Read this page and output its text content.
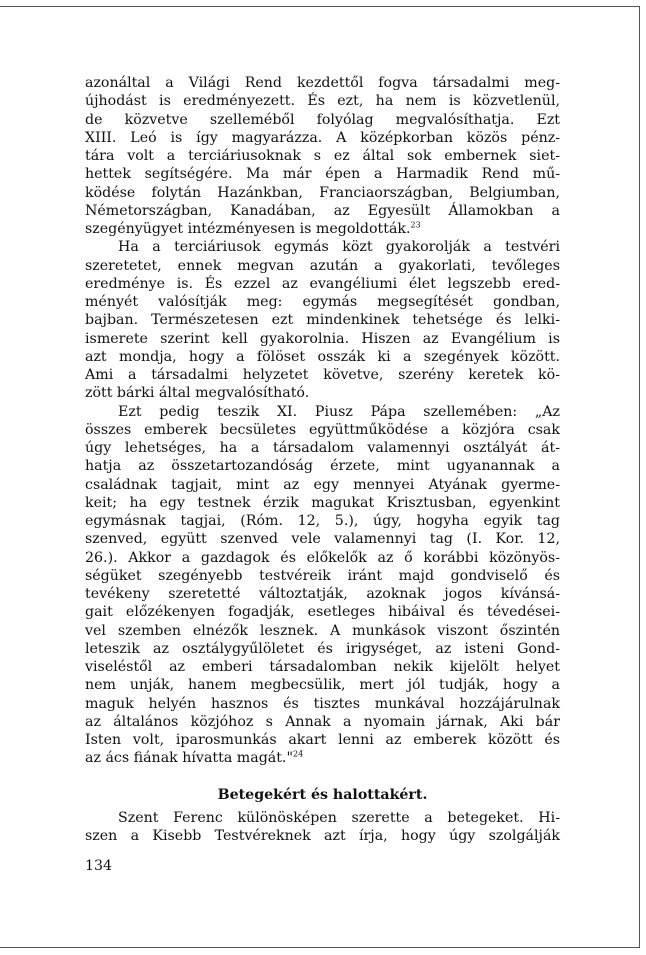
azonáltal a Világi Rend kezdettől fogva társadalmi meg-
újhodást is eredményezett. És ezt, ha nem is közvetlenül,
de közvetve szelleméből folyólag megvalósíthatja. Ezt
XIII. Leó is így magyarázza. A középkorban közös pénz-
tára volt a terciáriusoknak s ez által sok embernek siet-
hettek segítségére. Ma már épen a Harmadik Rend mű-
ködése folytán Hazánkban, Franciaországban, Belgiumban,
Németországban, Kanadában, az Egyesült Államokban a
szegényügyet intézményesen is megoldották.$^{23}$
Ha a terciáriusok egymás közt gyakorolják a testvéri
szeretetet, ennek megvan azután a gyakorlati, tevőleges
eredménye is. És ezzel az evangéliumi élet legszebb ered-
ményét valósítják meg: egymás megsegítését gondban,
bajban. Természetesen ezt mindenkinek tehetsége és lelki-
ismerete szerint kell gyakorolnia. Hiszen az Evangélium is
azt mondja, hogy a fölöset osszák ki a szegények között.
Ami a társadalmi helyzetet követve, szerény keretek kö-
zött bárki által megvalósítható.
Ezt pedig teszik XI. Piusz Pápa szellemében: „Az
összes emberek becsületes együttműködése a közjóra csak
úgy lehetséges, ha a társadalom valamennyi osztályát át-
hatja az összetartozandóság érzete, mint ugyanannak a
családnak tagjait, mint az egy mennyei Atyának gyerme-
keit; ha egy testnek érzik magukat Krisztusban, egyenkint
egymásnak tagjai, (Róm. 12, 5.), úgy, hogyha egyik tag
szenved, együtt szenved vele valamennyi tag (I. Kor. 12,
26.). Akkor a gazdagok és előkelők az ő korábbi közönyös-
ségüket szegényebb testvéreik iránt majd gondviselő és
tevékeny szeretetté változtatják, azoknak jogos kívánsá-
gait előzékenyen fogadják, esetleges hibáival és tévedései-
vel szemben elnézők lesznek. A munkások viszont őszintén
leteszik az osztálygyűlöletet és irigységet, az isteni Gond-
viseléstől az emberi társadalomban nekik kijelölt helyet
nem unják, hanem megbecsülik, mert jól tudják, hogy a
maguk helyén hasznos és tisztes munkával hozzájárulnak
az általános közjóhoz s Annak a nyomain járnak, Aki bár
Isten volt, iparosmunkás akart lenni az emberek között és
az ács fiának hívatta magát."$^{24}$
Betegekért és halottakért.
Szent Ferenc különösképen szerette a betegeket. Hi-
szen a Kisebb Testvéreknek azt írja, hogy úgy szolgálják
134
